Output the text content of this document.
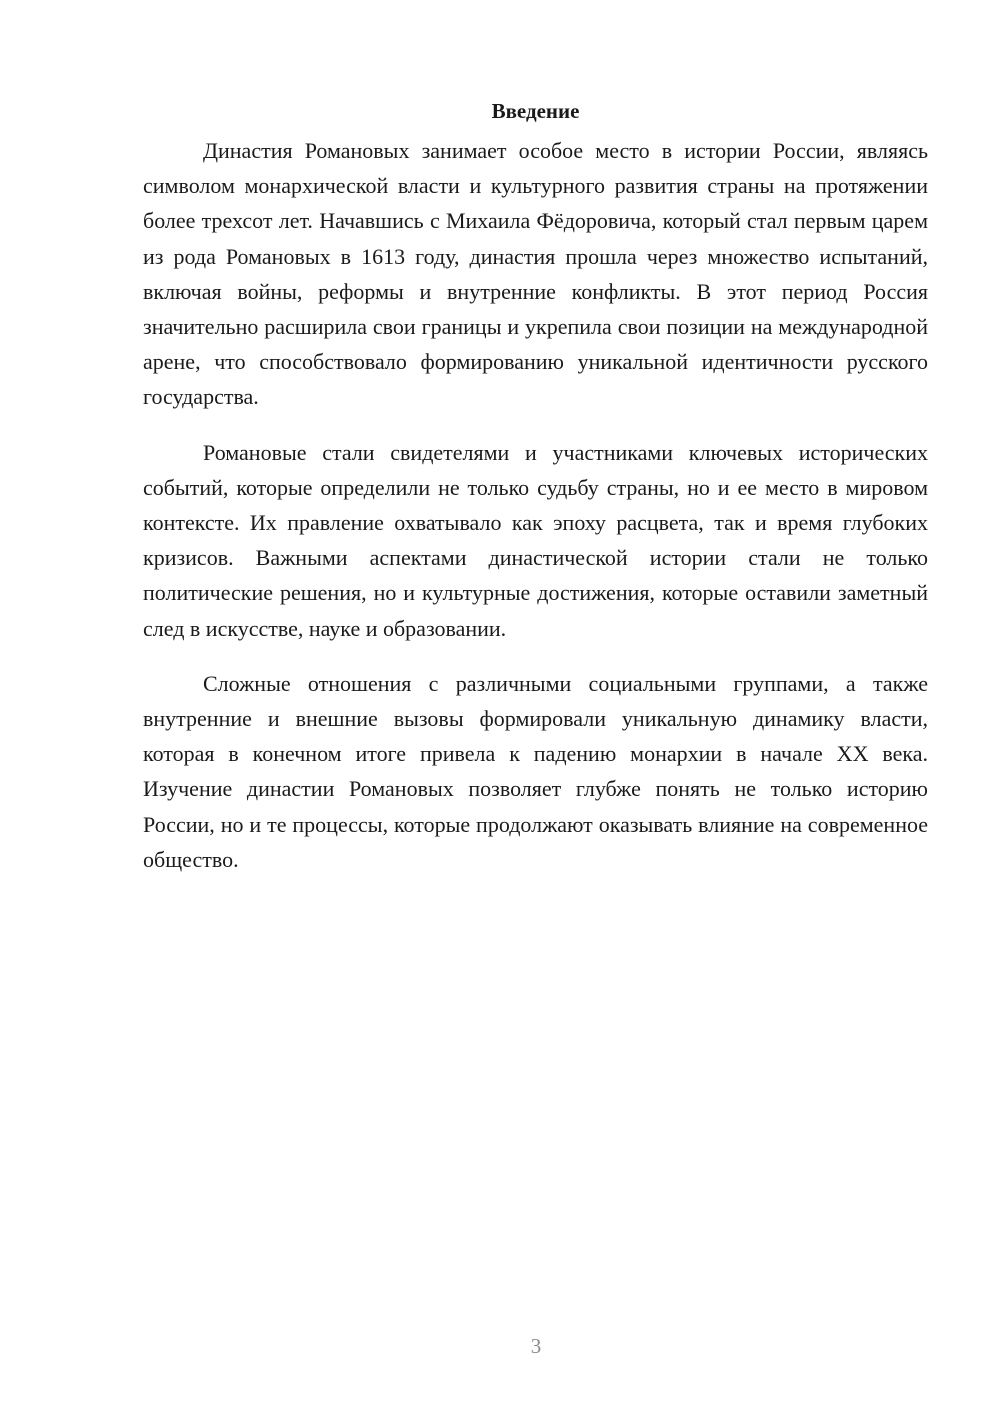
Введение

Династия Романовых занимает особое место в истории России, являясь символом монархической власти и культурного развития страны на протяжении более трехсот лет. Начавшись с Михаила Фёдоровича, который стал первым царем из рода Романовых в 1613 году, династия прошла через множество испытаний, включая войны, реформы и внутренние конфликты. В этот период Россия значительно расширила свои границы и укрепила свои позиции на международной арене, что способствовало формированию уникальной идентичности русского государства.

Романовые стали свидетелями и участниками ключевых исторических событий, которые определили не только судьбу страны, но и ее место в мировом контексте. Их правление охватывало как эпоху расцвета, так и время глубоких кризисов. Важными аспектами династической истории стали не только политические решения, но и культурные достижения, которые оставили заметный след в искусстве, науке и образовании.

Сложные отношения с различными социальными группами, а также внутренние и внешние вызовы формировали уникальную динамику власти, которая в конечном итоге привела к падению монархии в начале XX века. Изучение династии Романовых позволяет глубже понять не только историю России, но и те процессы, которые продолжают оказывать влияние на современное общество.

3
